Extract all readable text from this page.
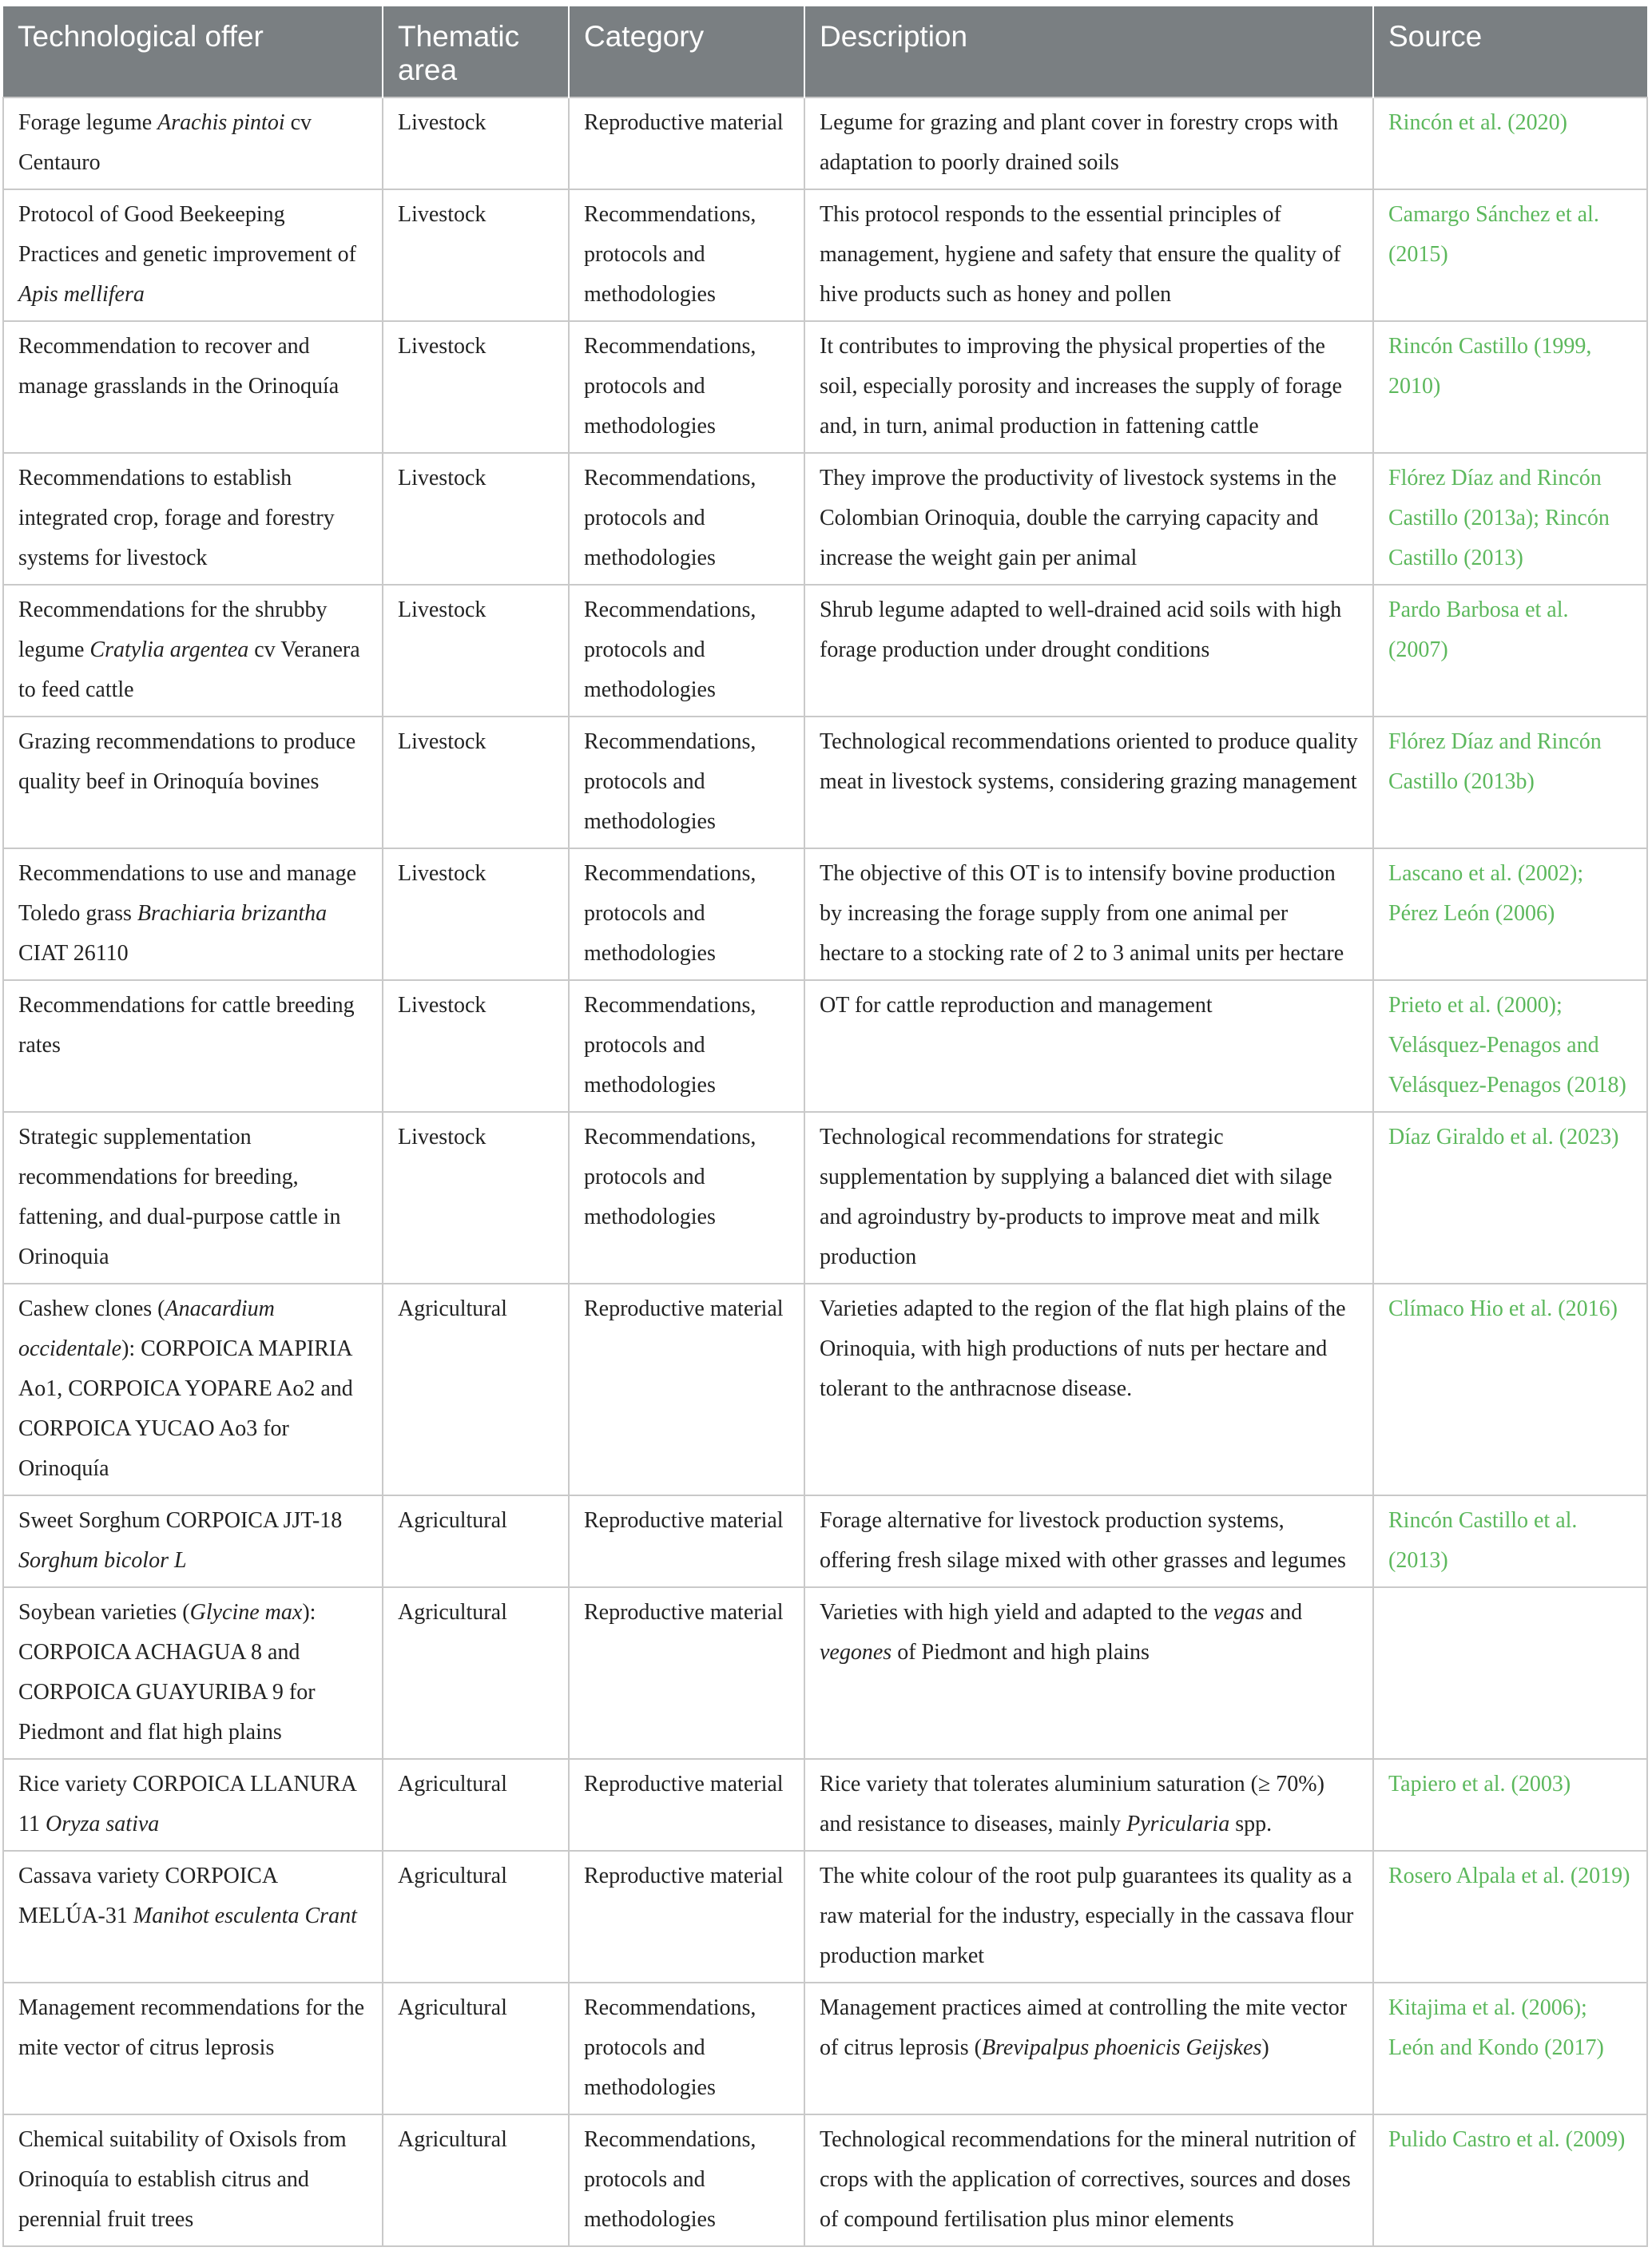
Technological offer	Thematic area	Category	Description	Source
Forage legume Arachis pintoi cv Centauro	Livestock	Reproductive material	Legume for grazing and plant cover in forestry crops with adaptation to poorly drained soils	Rincón et al. (2020)
Protocol of Good Beekeeping Practices and genetic improvement of Apis mellifera	Livestock	Recommendations, protocols and methodologies	This protocol responds to the essential principles of management, hygiene and safety that ensure the quality of hive products such as honey and pollen	Camargo Sánchez et al. (2015)
Recommendation to recover and manage grasslands in the Orinoquía	Livestock	Recommendations, protocols and methodologies	It contributes to improving the physical properties of the soil, especially porosity and increases the supply of forage and, in turn, animal production in fattening cattle	Rincón Castillo (1999, 2010)
Recommendations to establish integrated crop, forage and forestry systems for livestock	Livestock	Recommendations, protocols and methodologies	They improve the productivity of livestock systems in the Colombian Orinoquia, double the carrying capacity and increase the weight gain per animal	Flórez Díaz and Rincón Castillo (2013a); Rincón Castillo (2013)
Recommendations for the shrubby legume Cratylia argentea cv Veranera to feed cattle	Livestock	Recommendations, protocols and methodologies	Shrub legume adapted to well-drained acid soils with high forage production under drought conditions	Pardo Barbosa et al. (2007)
Grazing recommendations to produce quality beef in Orinoquía bovines	Livestock	Recommendations, protocols and methodologies	Technological recommendations oriented to produce quality meat in livestock systems, considering grazing management	Flórez Díaz and Rincón Castillo (2013b)
Recommendations to use and manage Toledo grass Brachiaria brizantha CIAT 26110	Livestock	Recommendations, protocols and methodologies	The objective of this OT is to intensify bovine production by increasing the forage supply from one animal per hectare to a stocking rate of 2 to 3 animal units per hectare	Lascano et al. (2002); Pérez León (2006)
Recommendations for cattle breeding rates	Livestock	Recommendations, protocols and methodologies	OT for cattle reproduction and management	Prieto et al. (2000); Velásquez-Penagos and Velásquez-Penagos (2018)
Strategic supplementation recommendations for breeding, fattening, and dual-purpose cattle in Orinoquia	Livestock	Recommendations, protocols and methodologies	Technological recommendations for strategic supplementation by supplying a balanced diet with silage and agroindustry by-products to improve meat and milk production	Díaz Giraldo et al. (2023)
Cashew clones (Anacardium occidentale): CORPOICA MAPIRIA Ao1, CORPOICA YOPARE Ao2 and CORPOICA YUCAO Ao3 for Orinoquía	Agricultural	Reproductive material	Varieties adapted to the region of the flat high plains of the Orinoquia, with high productions of nuts per hectare and tolerant to the anthracnose disease.	Clímaco Hio et al. (2016)
Sweet Sorghum CORPOICA JJT-18 Sorghum bicolor L	Agricultural	Reproductive material	Forage alternative for livestock production systems, offering fresh silage mixed with other grasses and legumes	Rincón Castillo et al. (2013)
Soybean varieties (Glycine max): CORPOICA ACHAGUA 8 and CORPOICA GUAYURIBA 9 for Piedmont and flat high plains	Agricultural	Reproductive material	Varieties with high yield and adapted to the vegas and vegones of Piedmont and high plains	
Rice variety CORPOICA LLANURA 11 Oryza sativa	Agricultural	Reproductive material	Rice variety that tolerates aluminium saturation (≥ 70%) and resistance to diseases, mainly Pyricularia spp.	Tapiero et al. (2003)
Cassava variety CORPOICA MELÚA-31 Manihot esculenta Crant	Agricultural	Reproductive material	The white colour of the root pulp guarantees its quality as a raw material for the industry, especially in the cassava flour production market	Rosero Alpala et al. (2019)
Management recommendations for the mite vector of citrus leprosis	Agricultural	Recommendations, protocols and methodologies	Management practices aimed at controlling the mite vector of citrus leprosis (Brevipalpus phoenicis Geijskes)	Kitajima et al. (2006); León and Kondo (2017)
Chemical suitability of Oxisols from Orinoquía to establish citrus and perennial fruit trees	Agricultural	Recommendations, protocols and methodologies	Technological recommendations for the mineral nutrition of crops with the application of correctives, sources and doses of compound fertilisation plus minor elements	Pulido Castro et al. (2009)
